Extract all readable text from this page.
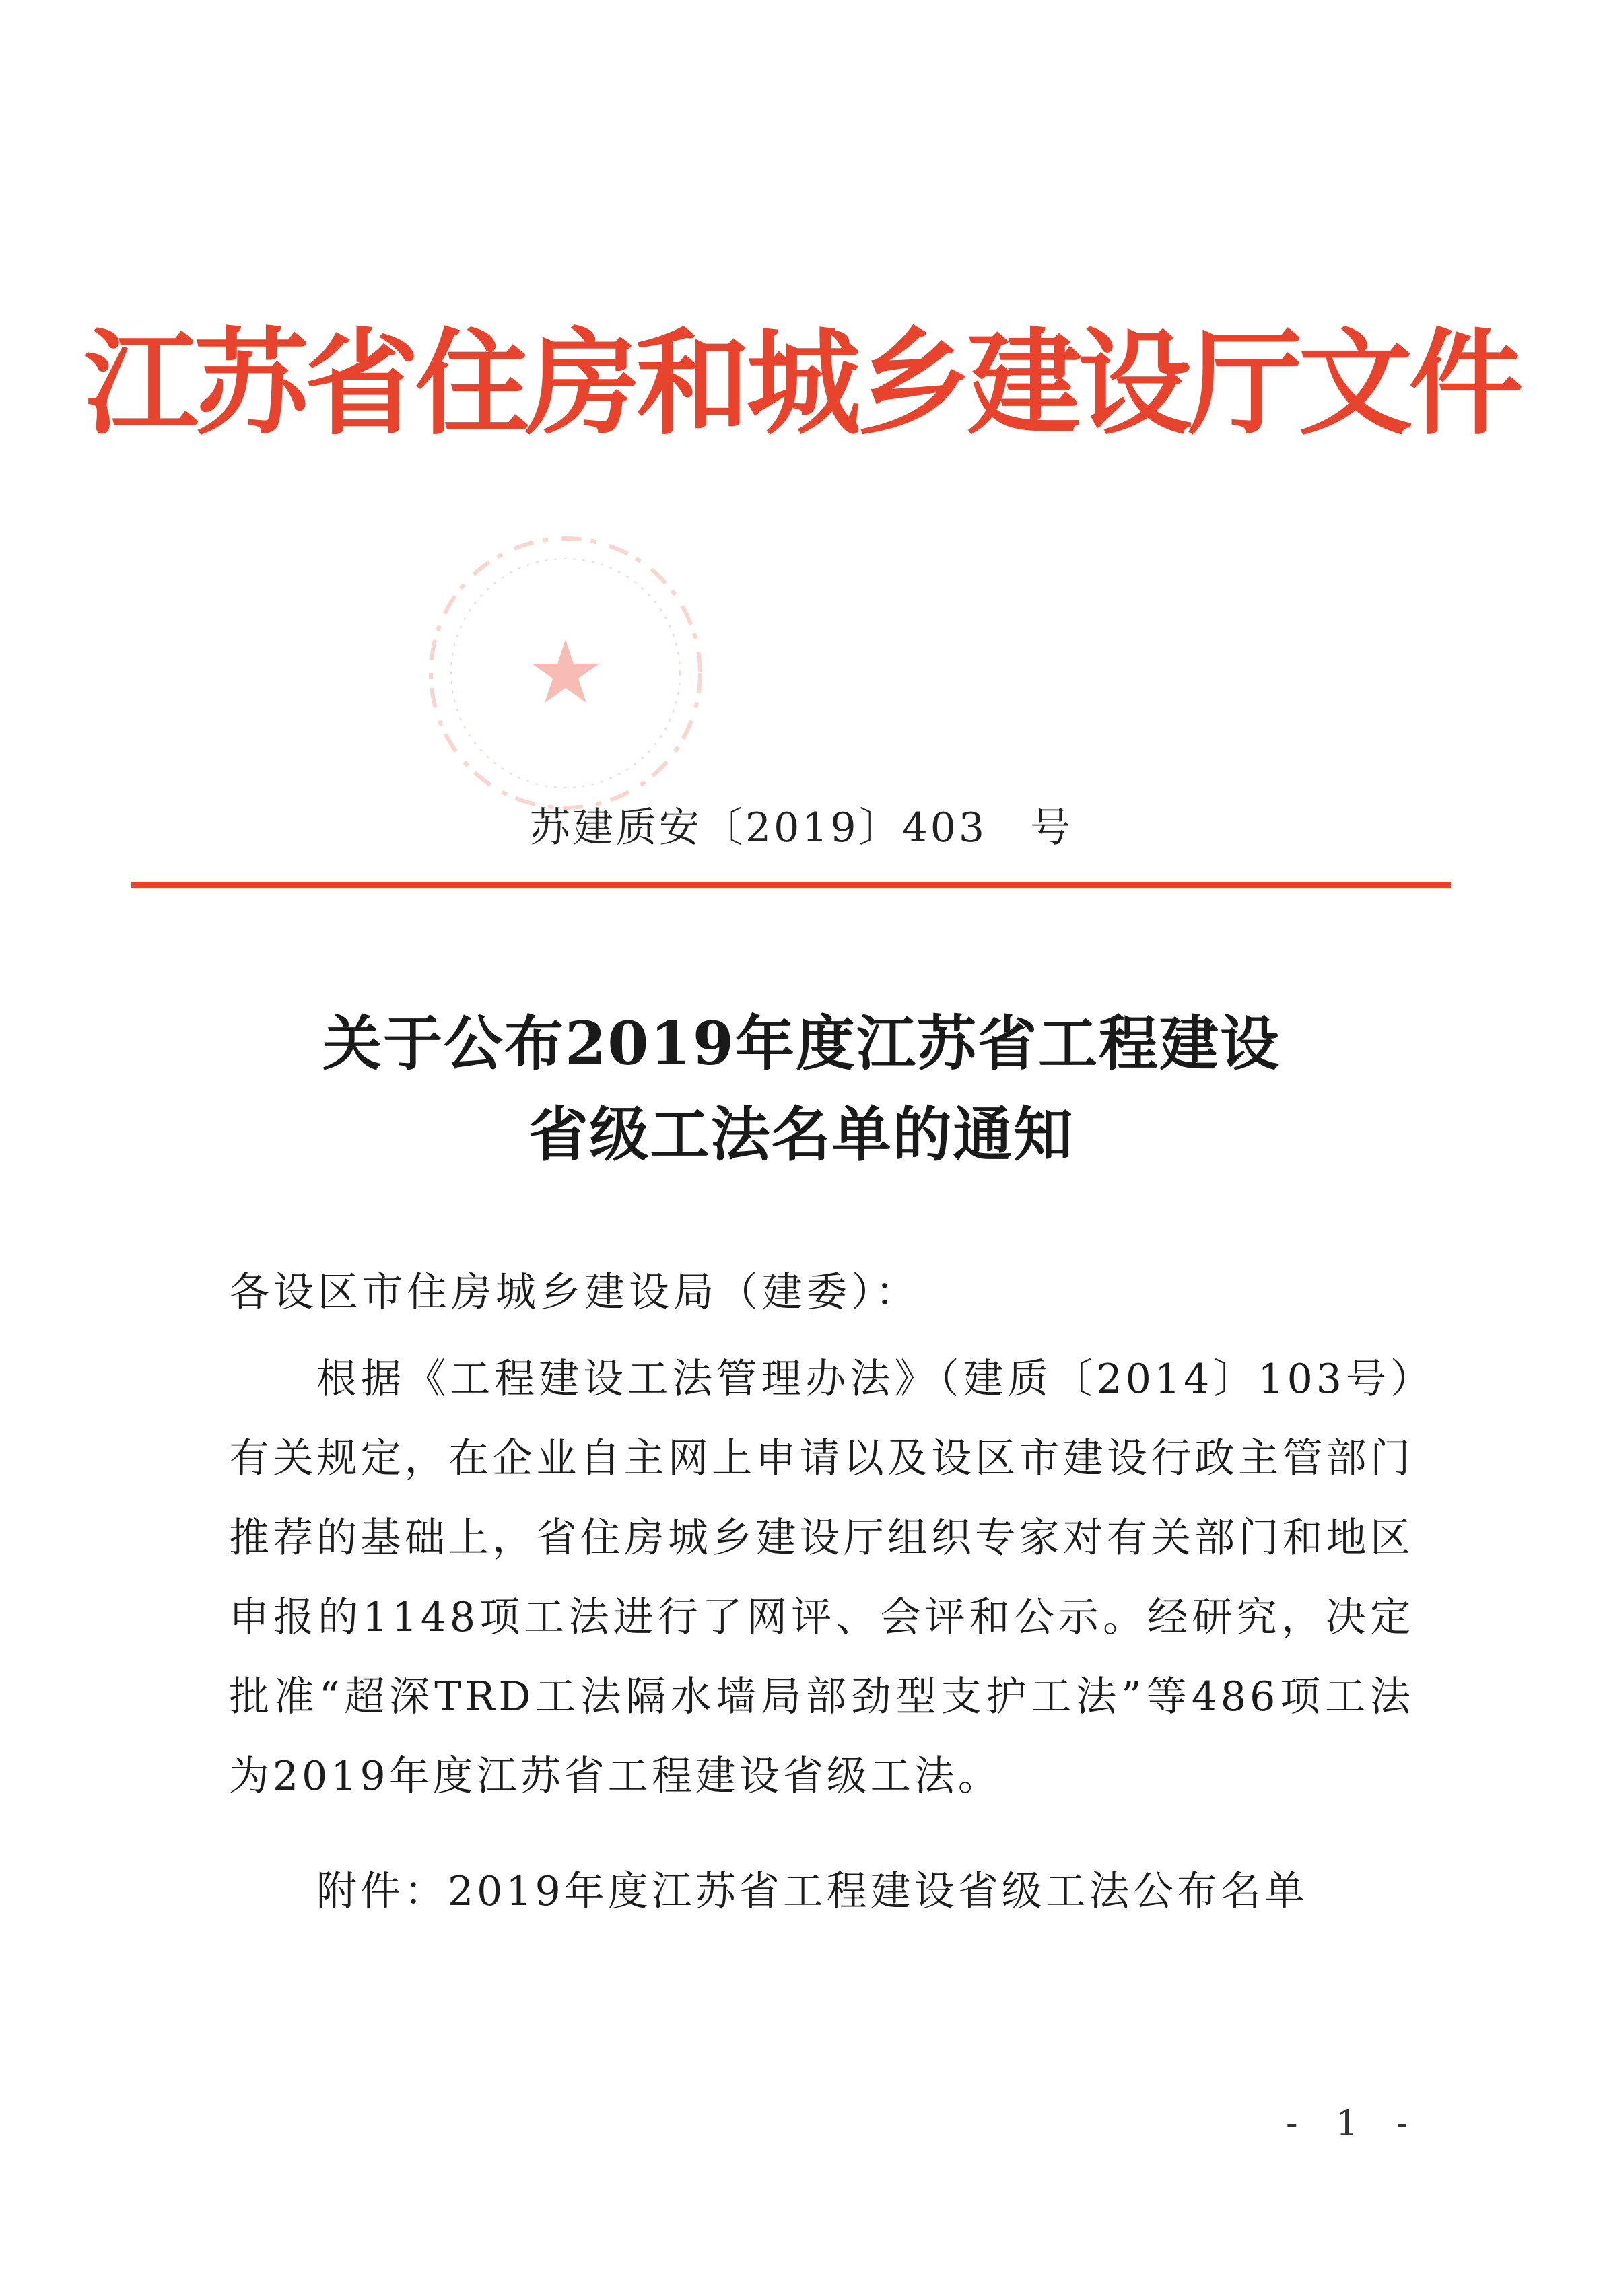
江苏省住房和城乡建设厅文件
苏建质安〔2019〕403　号
关于公布2019年度江苏省工程建设
省级工法名单的通知
各设区市住房城乡建设局（建委）：
根据《工程建设工法管理办法》（建质〔2014〕103号）有关规定，在企业自主网上申请以及设区市建设行政主管部门推荐的基础上，省住房城乡建设厅组织专家对有关部门和地区申报的1148项工法进行了网评、会评和公示。经研究，决定批准“超深TRD工法隔水墙局部劲型支护工法”等486项工法为2019年度江苏省工程建设省级工法。
附件：2019年度江苏省工程建设省级工法公布名单
- 1 -
